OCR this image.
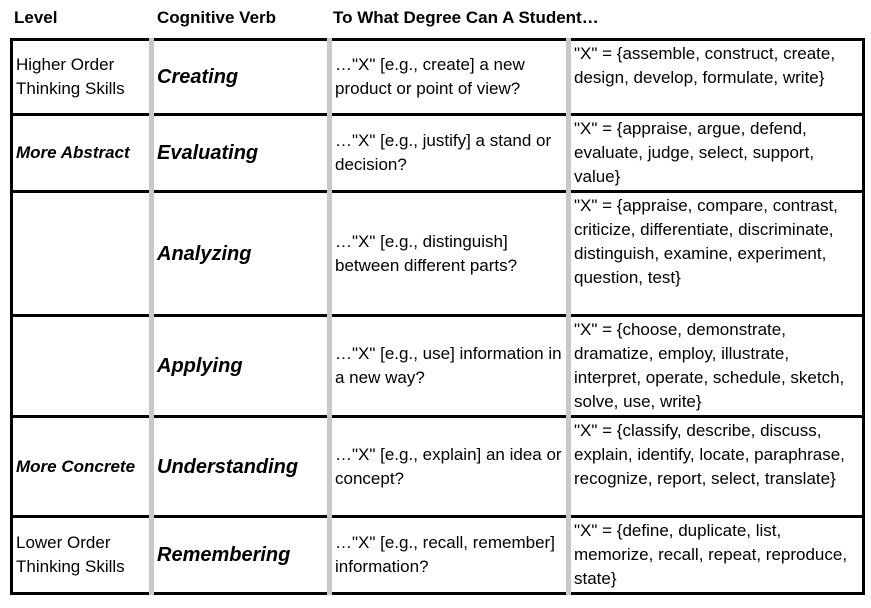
Level	Cognitive Verb	To What Degree Can A Student…
Higher Order Thinking Skills	Creating	…"X" [e.g., create] a new product or point of view?	"X" = {assemble, construct, create, design, develop, formulate, write}
More Abstract	Evaluating	…"X" [e.g., justify] a stand or decision?	"X" = {appraise, argue, defend, evaluate, judge, select, support, value}
	Analyzing	…"X" [e.g., distinguish] between different parts?	"X" = {appraise, compare, contrast, criticize, differentiate, discriminate, distinguish, examine, experiment, question, test}
	Applying	…"X" [e.g., use] information in a new way?	"X" = {choose, demonstrate, dramatize, employ, illustrate, interpret, operate, schedule, sketch, solve, use, write}
More Concrete	Understanding	…"X" [e.g., explain] an idea or concept?	"X" = {classify, describe, discuss, explain, identify, locate, paraphrase, recognize, report, select, translate}
Lower Order Thinking Skills	Remembering	…"X" [e.g., recall, remember] information?	"X" = {define, duplicate, list, memorize, recall, repeat, reproduce, state}
